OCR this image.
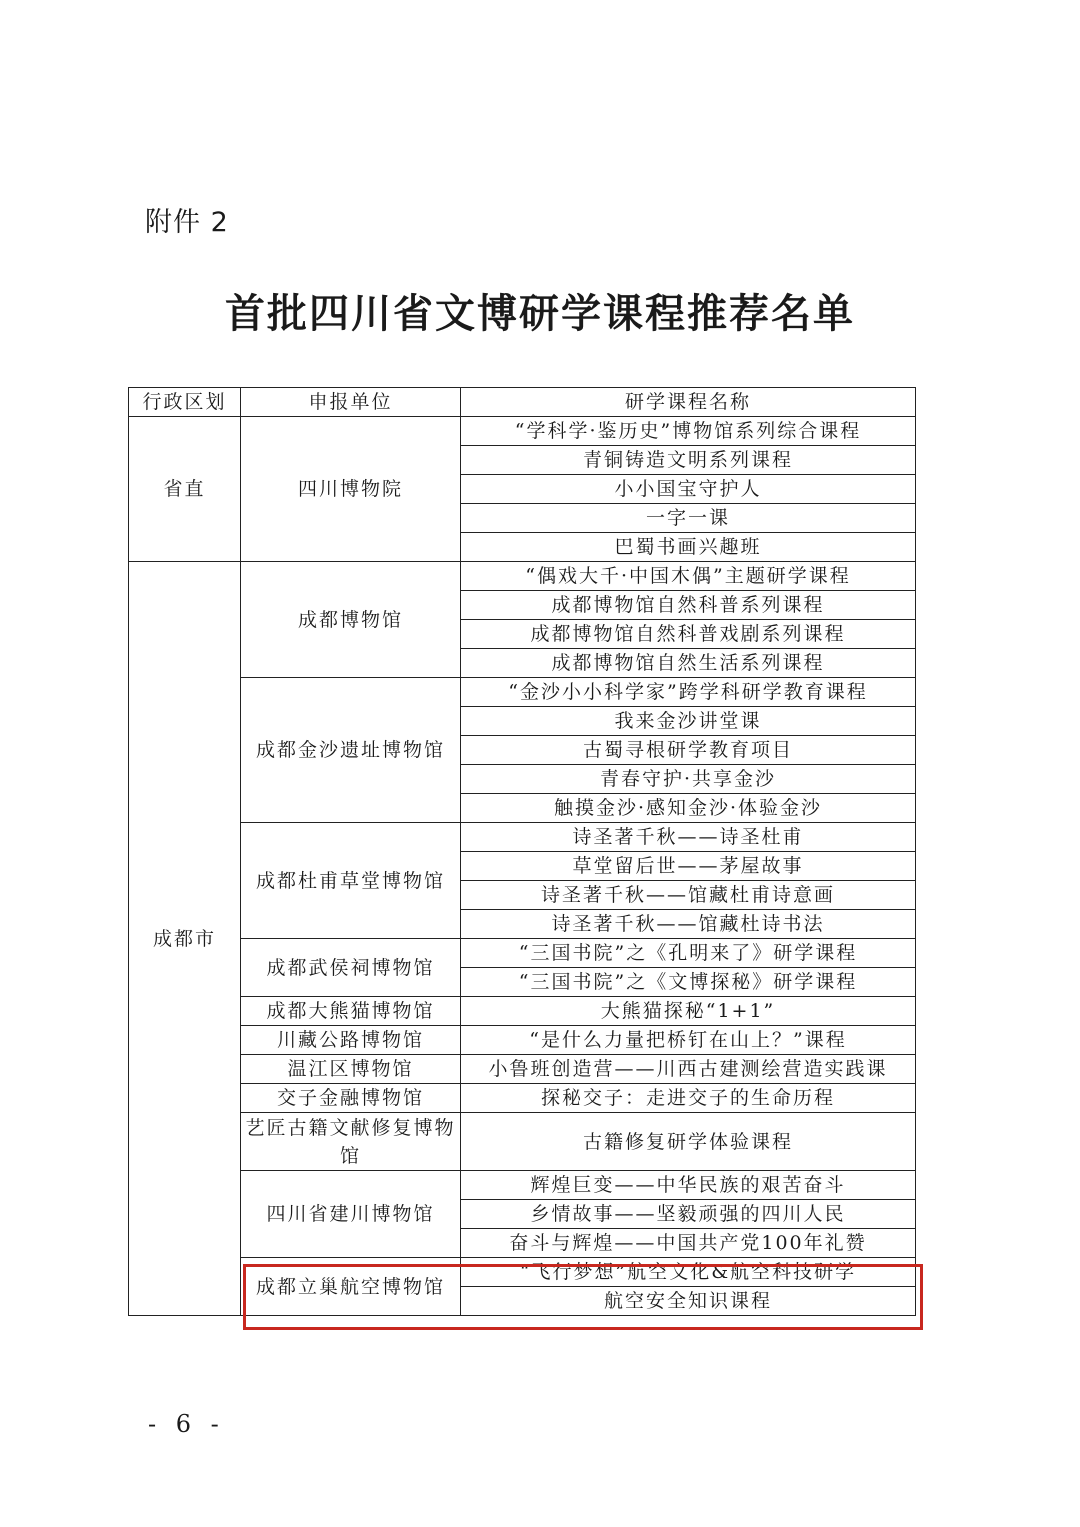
附件 2
首批四川省文博研学课程推荐名单
行政区划	申报单位	研学课程名称
省直	四川博物院	“学科学·鉴历史”博物馆系列综合课程
		青铜铸造文明系列课程
		小小国宝守护人
		一字一课
		巴蜀书画兴趣班
成都市	成都博物馆	“偶戏大千·中国木偶”主题研学课程
		成都博物馆自然科普系列课程
		成都博物馆自然科普戏剧系列课程
		成都博物馆自然生活系列课程
	成都金沙遗址博物馆	“金沙小小科学家”跨学科研学教育课程
		我来金沙讲堂课
		古蜀寻根研学教育项目
		青春守护·共享金沙
		触摸金沙·感知金沙·体验金沙
	成都杜甫草堂博物馆	诗圣著千秋——诗圣杜甫
		草堂留后世——茅屋故事
		诗圣著千秋——馆藏杜甫诗意画
		诗圣著千秋——馆藏杜诗书法
	成都武侯祠博物馆	“三国书院”之《孔明来了》研学课程
		“三国书院”之《文博探秘》研学课程
	成都大熊猫博物馆	大熊猫探秘“1+1”
	川藏公路博物馆	“是什么力量把桥钉在山上？”课程
	温江区博物馆	小鲁班创造营——川西古建测绘营造实践课
	交子金融博物馆	探秘交子：走进交子的生命历程
	艺匠古籍文献修复博物馆	古籍修复研学体验课程
	四川省建川博物馆	辉煌巨变——中华民族的艰苦奋斗
		乡情故事——坚毅顽强的四川人民
		奋斗与辉煌——中国共产党100年礼赞
	成都立巢航空博物馆	“飞行梦想”航空文化&航空科技研学
		航空安全知识课程
- 6 -
